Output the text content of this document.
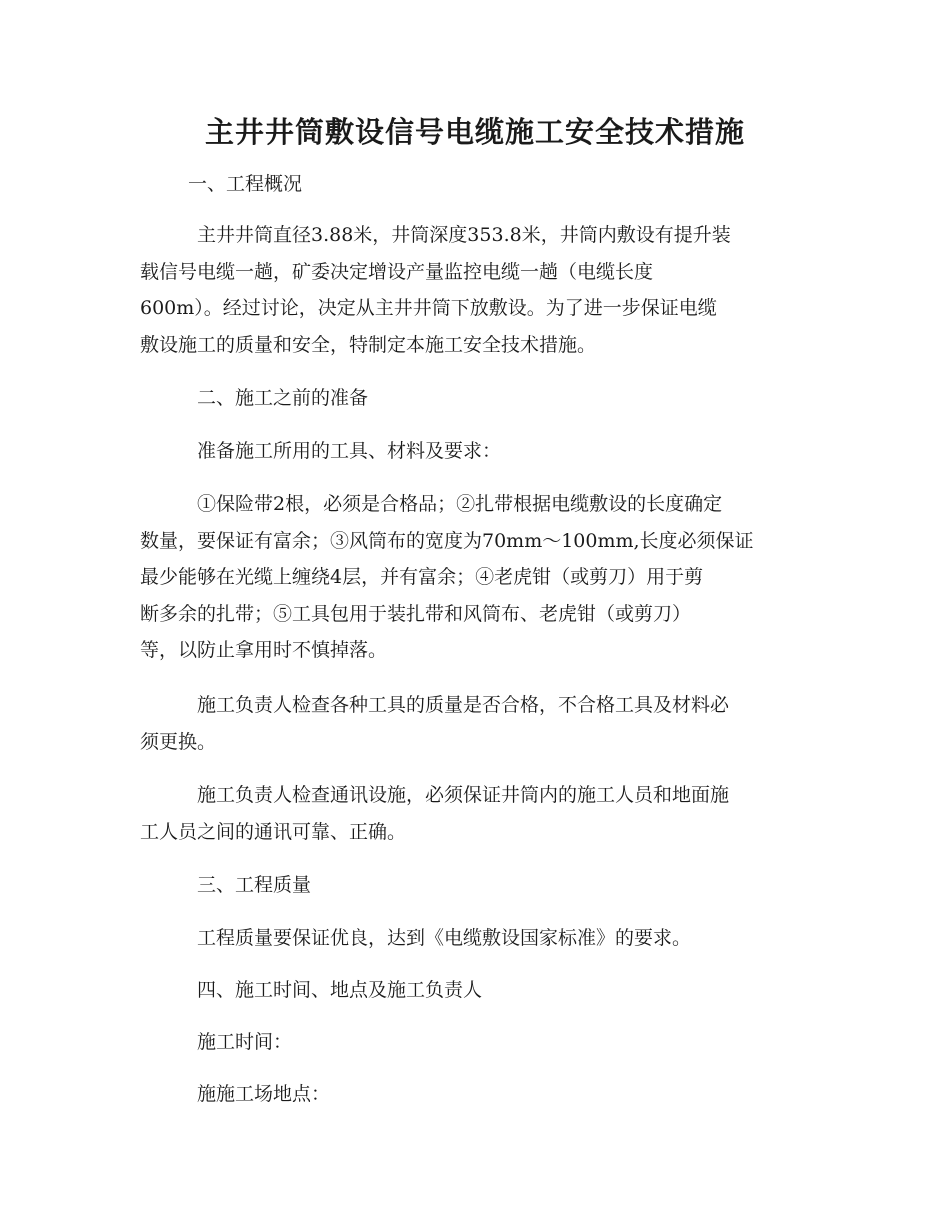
主井井筒敷设信号电缆施工安全技术措施
一、工程概况
主井井筒直径3.88米，井筒深度353.8米，井筒内敷设有提升装
载信号电缆一趟，矿委决定增设产量监控电缆一趟（电缆长度
600m）。经过讨论，决定从主井井筒下放敷设。为了进一步保证电缆
敷设施工的质量和安全，特制定本施工安全技术措施。
二、施工之前的准备
准备施工所用的工具、材料及要求：
①保险带2根，必须是合格品；②扎带根据电缆敷设的长度确定
数量，要保证有富余；③风筒布的宽度为70mm～100mm,长度必须保证
最少能够在光缆上缠绕4层，并有富余；④老虎钳（或剪刀）用于剪
断多余的扎带；⑤工具包用于装扎带和风筒布、老虎钳（或剪刀）
等，以防止拿用时不慎掉落。
施工负责人检查各种工具的质量是否合格，不合格工具及材料必
须更换。
施工负责人检查通讯设施，必须保证井筒内的施工人员和地面施
工人员之间的通讯可靠、正确。
三、工程质量
工程质量要保证优良，达到《电缆敷设国家标准》的要求。
四、施工时间、地点及施工负责人
施工时间：
施施工场地点：
